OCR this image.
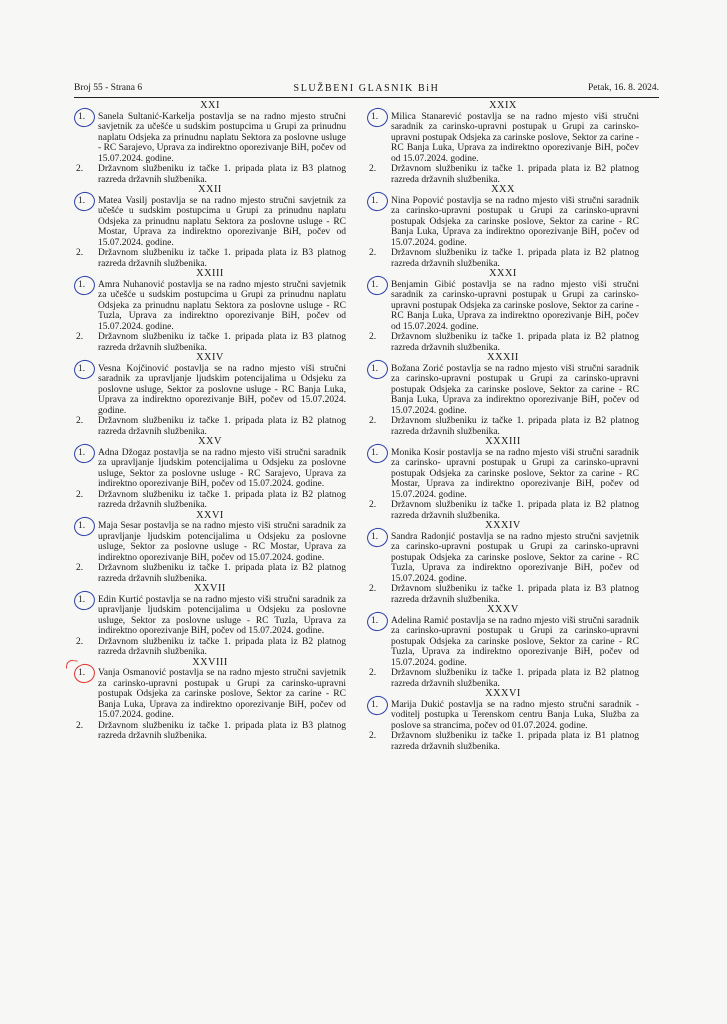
Broj 55 - Strana 6	SLUŽBENI GLASNIK BiH	Petak, 16. 8. 2024.
XXI
1.	Sanela Sultanić-Karkelja postavlja se na radno mjesto stručni savjetnik za učešće u sudskim postupcima u Grupi za prinudnu naplatu Odsjeka za prinudnu naplatu Sektora za poslovne usluge - RC Sarajevo, Uprava za indirektno oporezivanje BiH, počev od 15.07.2024. godine.
2.	Državnom službeniku iz tačke 1. pripada plata iz B3 platnog razreda državnih službenika.
XXII
1.	Matea Vasilj postavlja se na radno mjesto stručni savjetnik za učešće u sudskim postupcima u Grupi za prinudnu naplatu Odsjeka za prinudnu naplatu Sektora za poslovne usluge - RC Mostar, Uprava za indirektno oporezivanje BiH, počev od 15.07.2024. godine.
2.	Državnom službeniku iz tačke 1. pripada plata iz B3 platnog razreda državnih službenika.
XXIII
1.	Amra Nuhanović postavlja se na radno mjesto stručni savjetnik za učešće u sudskim postupcima u Grupi za prinudnu naplatu Odsjeka za prinudnu naplatu Sektora za poslovne usluge - RC Tuzla, Uprava za indirektno oporezivanje BiH, počev od 15.07.2024. godine.
2.	Državnom službeniku iz tačke 1. pripada plata iz B3 platnog razreda državnih službenika.
XXIV
1.	Vesna Kojčinović postavlja se na radno mjesto viši stručni saradnik za upravljanje ljudskim potencijalima u Odsjeku za poslovne usluge, Sektor za poslovne usluge - RC Banja Luka, Uprava za indirektno oporezivanje BiH, počev od 15.07.2024. godine.
2.	Državnom službeniku iz tačke 1. pripada plata iz B2 platnog razreda državnih službenika.
XXV
1.	Adna Džogaz postavlja se na radno mjesto viši stručni saradnik za upravljanje ljudskim potencijalima u Odsjeku za poslovne usluge, Sektor za poslovne usluge - RC Sarajevo, Uprava za indirektno oporezivanje BiH, počev od 15.07.2024. godine.
2.	Državnom službeniku iz tačke 1. pripada plata iz B2 platnog razreda državnih službenika.
XXVI
1.	Maja Sesar postavlja se na radno mjesto viši stručni saradnik za upravljanje ljudskim potencijalima u Odsjeku za poslovne usluge, Sektor za poslovne usluge - RC Mostar, Uprava za indirektno oporezivanje BiH, počev od 15.07.2024. godine.
2.	Državnom službeniku iz tačke 1. pripada plata iz B2 platnog razreda državnih službenika.
XXVII
1.	Edin Kurtić postavlja se na radno mjesto viši stručni saradnik za upravljanje ljudskim potencijalima u Odsjeku za poslovne usluge, Sektor za poslovne usluge - RC Tuzla, Uprava za indirektno oporezivanje BiH, počev od 15.07.2024. godine.
2.	Državnom službeniku iz tačke 1. pripada plata iz B2 platnog razreda državnih službenika.
XXVIII
1.	Vanja Osmanović postavlja se na radno mjesto stručni savjetnik za carinsko-upravni postupak u Grupi za carinsko-upravni postupak Odsjeka za carinske poslove, Sektor za carine - RC Banja Luka, Uprava za indirektno oporezivanje BiH, počev od 15.07.2024. godine.
2.	Državnom službeniku iz tačke 1. pripada plata iz B3 platnog razreda državnih službenika.
XXIX
1.	Milica Stanarević postavlja se na radno mjesto viši stručni saradnik za carinsko-upravni postupak u Grupi za carinsko-upravni postupak Odsjeka za carinske poslove, Sektor za carine - RC Banja Luka, Uprava za indirektno oporezivanje BiH, počev od 15.07.2024. godine.
2.	Državnom službeniku iz tačke 1. pripada plata iz B2 platnog razreda državnih službenika.
XXX
1.	Nina Popović postavlja se na radno mjesto viši stručni saradnik za carinsko-upravni postupak u Grupi za carinsko-upravni postupak Odsjeka za carinske poslove, Sektor za carine - RC Banja Luka, Uprava za indirektno oporezivanje BiH, počev od 15.07.2024. godine.
2.	Državnom službeniku iz tačke 1. pripada plata iz B2 platnog razreda državnih službenika.
XXXI
1.	Benjamin Gibić postavlja se na radno mjesto viši stručni saradnik za carinsko-upravni postupak u Grupi za carinsko-upravni postupak Odsjeka za carinske poslove, Sektor za carine - RC Banja Luka, Uprava za indirektno oporezivanje BiH, počev od 15.07.2024. godine.
2.	Državnom službeniku iz tačke 1. pripada plata iz B2 platnog razreda državnih službenika.
XXXII
1.	Božana Zorić postavlja se na radno mjesto viši stručni saradnik za carinsko-upravni postupak u Grupi za carinsko-upravni postupak Odsjeka za carinske poslove, Sektor za carine - RC Banja Luka, Uprava za indirektno oporezivanje BiH, počev od 15.07.2024. godine.
2.	Državnom službeniku iz tačke 1. pripada plata iz B2 platnog razreda državnih službenika.
XXXIII
1.	Monika Kosir postavlja se na radno mjesto viši stručni saradnik za carinsko- upravni postupak u Grupi za carinsko-upravni postupak Odsjeka za carinske poslove, Sektor za carine - RC Mostar, Uprava za indirektno oporezivanje BiH, počev od 15.07.2024. godine.
2.	Državnom službeniku iz tačke 1. pripada plata iz B2 platnog razreda državnih službenika.
XXXIV
1.	Sandra Radonjić postavlja se na radno mjesto stručni savjetnik za carinsko-upravni postupak u Grupi za carinsko-upravni postupak Odsjeka za carinske poslove, Sektor za carine - RC Tuzla, Uprava za indirektno oporezivanje BiH, počev od 15.07.2024. godine.
2.	Državnom službeniku iz tačke 1. pripada plata iz B3 platnog razreda državnih službenika.
XXXV
1.	Adelina Ramić postavlja se na radno mjesto viši stručni saradnik za carinsko-upravni postupak u Grupi za carinsko-upravni postupak Odsjeka za carinske poslove, Sektor za carine - RC Tuzla, Uprava za indirektno oporezivanje BiH, počev od 15.07.2024. godine.
2.	Državnom službeniku iz tačke 1. pripada plata iz B2 platnog razreda državnih službenika.
XXXVI
1.	Marija Dukić postavlja se na radno mjesto stručni saradnik - voditelj postupka u Terenskom centru Banja Luka, Služba za poslove sa strancima, počev od 01.07.2024. godine.
2.	Državnom službeniku iz tačke 1. pripada plata iz B1 platnog razreda državnih službenika.
